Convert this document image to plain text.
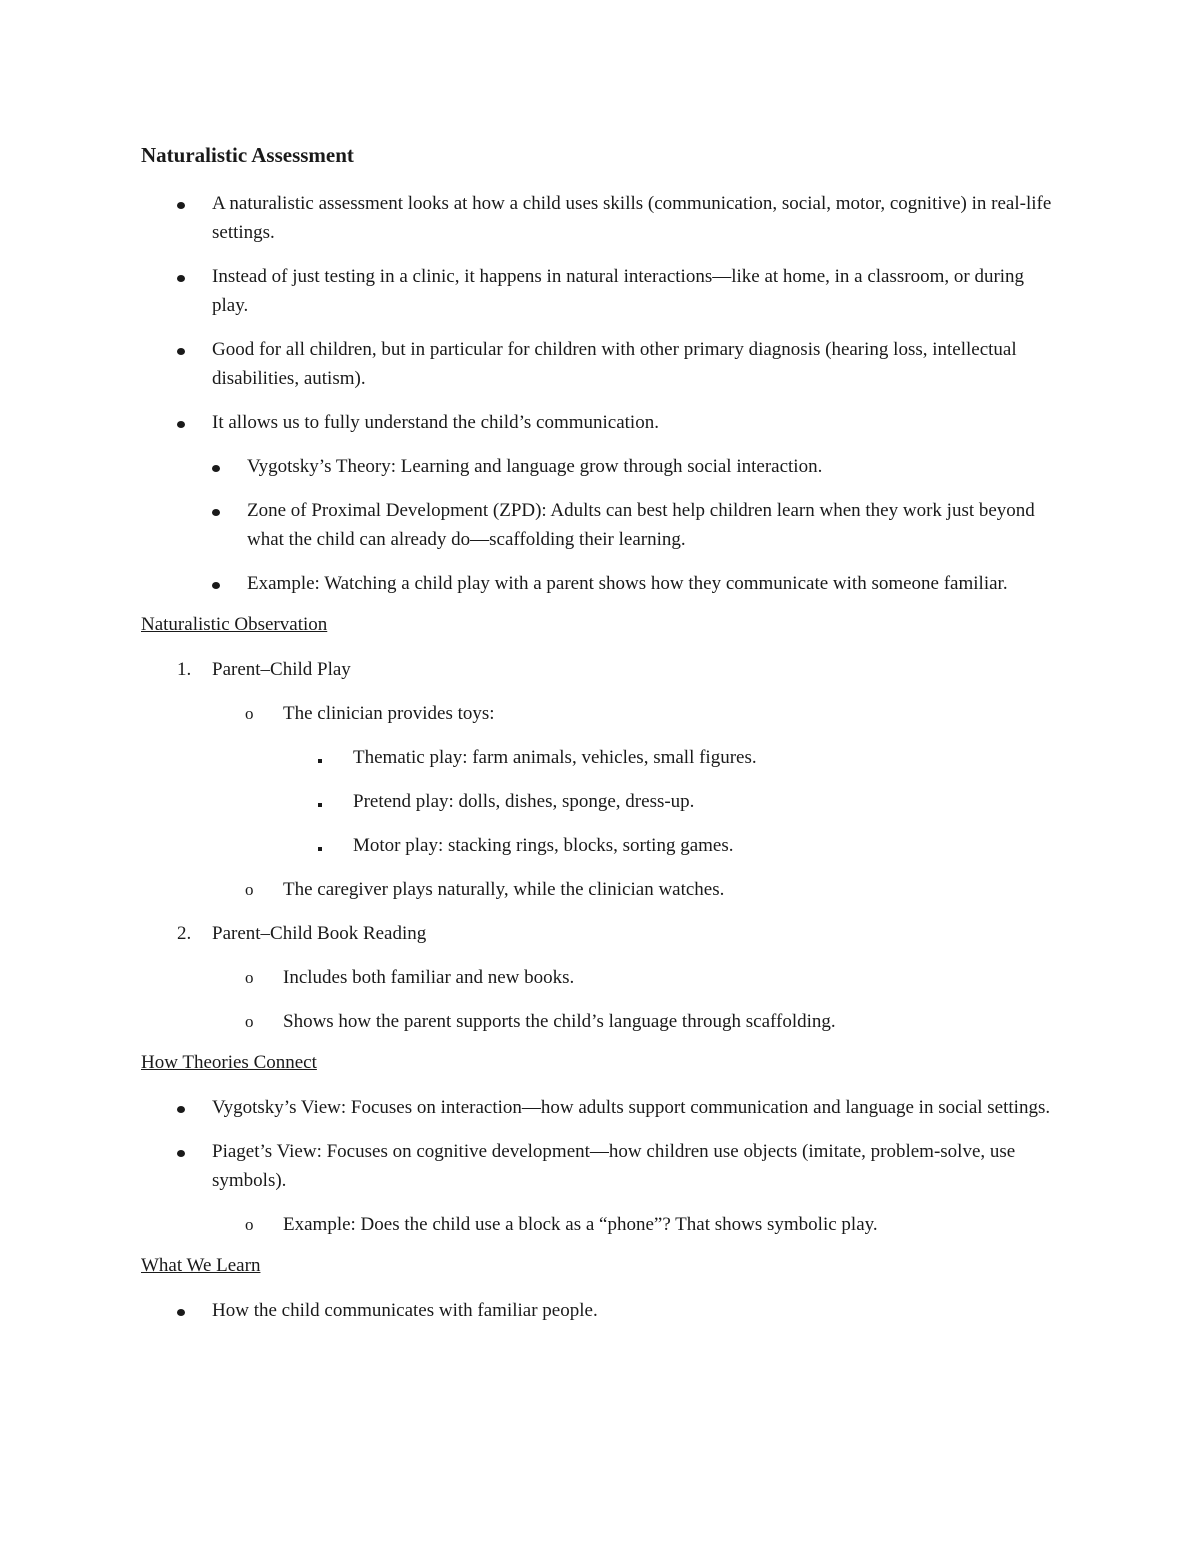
Naturalistic Assessment
A naturalistic assessment looks at how a child uses skills (communication, social, motor, cognitive) in real-life settings.
Instead of just testing in a clinic, it happens in natural interactions—like at home, in a classroom, or during play.
Good for all children, but in particular for children with other primary diagnosis (hearing loss, intellectual disabilities, autism).
It allows us to fully understand the child’s communication.
Vygotsky’s Theory: Learning and language grow through social interaction.
Zone of Proximal Development (ZPD): Adults can best help children learn when they work just beyond what the child can already do—scaffolding their learning.
Example: Watching a child play with a parent shows how they communicate with someone familiar.
Naturalistic Observation
1.	Parent–Child Play
o	The clinician provides toys:
Thematic play: farm animals, vehicles, small figures.
Pretend play: dolls, dishes, sponge, dress-up.
Motor play: stacking rings, blocks, sorting games.
o	The caregiver plays naturally, while the clinician watches.
2.	Parent–Child Book Reading
o	Includes both familiar and new books.
o	Shows how the parent supports the child’s language through scaffolding.
How Theories Connect
Vygotsky’s View: Focuses on interaction—how adults support communication and language in social settings.
Piaget’s View: Focuses on cognitive development—how children use objects (imitate, problem-solve, use symbols).
o	Example: Does the child use a block as a “phone”? That shows symbolic play.
What We Learn
How the child communicates with familiar people.
